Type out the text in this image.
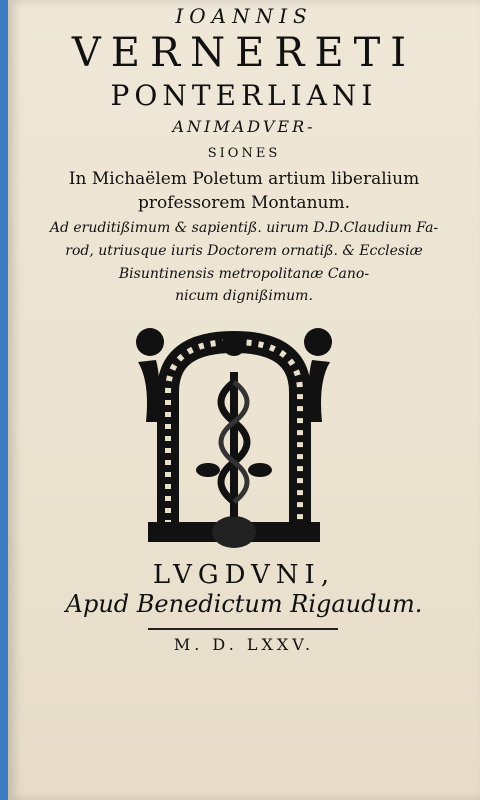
IOANNIS
VERNERETI
PONTERLIANI
ANIMADVER-
SIONES
In Michaëlem Poletum artium liberalium
professorem Montanum.
Ad eruditißimum & sapientiß. uirum D.D.Claudium Fa-
rod, utriusque iuris Doctorem ornatiß. & Ecclesiæ
Bisuntinensis metropolitanæ Cano-
nicum dignißimum.
LVGDVNI,
Apud Benedictum Rigaudum.
M. D. LXXV.
